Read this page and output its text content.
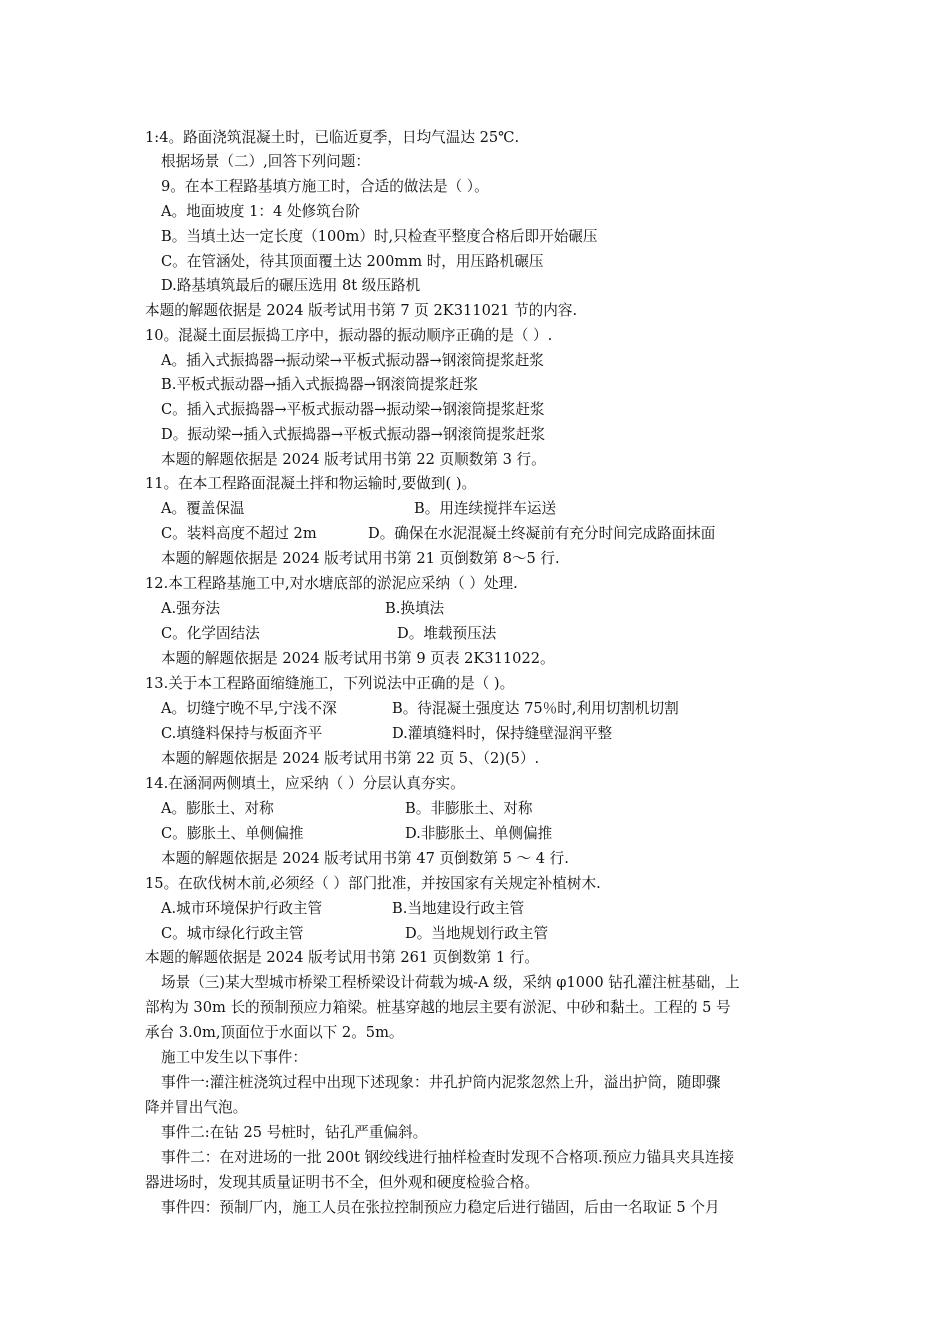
1:4。路面浇筑混凝土时，已临近夏季，日均气温达 25℃.
根据场景（二）,回答下列问题：
9。在本工程路基填方施工时，合适的做法是（ ）。
A。地面坡度 1：4 处修筑台阶
B。当填土达一定长度（100m）时,只检查平整度合格后即开始碾压
C。在管涵处，待其顶面覆土达 200mm 时，用压路机碾压
D.路基填筑最后的碾压选用 8t 级压路机
本题的解题依据是 2024 版考试用书第 7 页 2K311021 节的内容.
10。混凝土面层振捣工序中，振动器的振动顺序正确的是（ ）.
A。插入式振捣器→振动梁→平板式振动器→钢滚筒提浆赶浆
B.平板式振动器→插入式振捣器→钢滚筒提浆赶浆
C。插入式振捣器→平板式振动器→振动梁→钢滚筒提浆赶浆
D。振动梁→插入式振捣器→平板式振动器→钢滚筒提浆赶浆
本题的解题依据是 2024 版考试用书第 22 页顺数第 3 行。
11。在本工程路面混凝土拌和物运输时,要做到( )。
A。覆盖保温	B。用连续搅拌车运送
C。装料高度不超过 2m	D。确保在水泥混凝土终凝前有充分时间完成路面抹面
本题的解题依据是 2024 版考试用书第 21 页倒数第 8～5 行.
12.本工程路基施工中,对水塘底部的淤泥应采纳（ ）处理.
A.强夯法	B.换填法
C。化学固结法	D。堆载预压法
本题的解题依据是 2024 版考试用书第 9 页表 2K311022。
13.关于本工程路面缩缝施工，下列说法中正确的是（ )。
A。切缝宁晚不早,宁浅不深	B。待混凝土强度达 75％时,利用切割机切割
C.填缝料保持与板面齐平	D.灌填缝料时，保持缝壁湿润平整
本题的解题依据是 2024 版考试用书第 22 页 5、（2)(5）.
14.在涵洞两侧填土，应采纳（ ）分层认真夯实。
A。膨胀土、对称	B。非膨胀土、对称
C。膨胀土、单侧偏推	D.非膨胀土、单侧偏推
本题的解题依据是 2024 版考试用书第 47 页倒数第 5 ～ 4 行.
15。在砍伐树木前,必须经（ ）部门批准，并按国家有关规定补植树木.
A.城市环境保护行政主管	B.当地建设行政主管
C。城市绿化行政主管	D。当地规划行政主管
本题的解题依据是 2024 版考试用书第 261 页倒数第 1 行。
场景（三)某大型城市桥梁工程桥梁设计荷载为城-A 级，采纳 φ1000 钻孔灌注桩基础，上
部构为 30m 长的预制预应力箱梁。桩基穿越的地层主要有淤泥、中砂和黏土。工程的 5 号
承台 3.0m,顶面位于水面以下 2。5m。
施工中发生以下事件：
事件一:灌注桩浇筑过程中出现下述现象：井孔护筒内泥浆忽然上升，溢出护筒，随即骤
降并冒出气泡。
事件二:在钻 25 号桩时，钻孔严重偏斜。
事件二：在对进场的一批 200t 钢绞线进行抽样检查时发现不合格项.预应力锚具夹具连接
器进场时，发现其质量证明书不全，但外观和硬度检验合格。
事件四：预制厂内，施工人员在张拉控制预应力稳定后进行锚固，后由一名取证 5 个月
